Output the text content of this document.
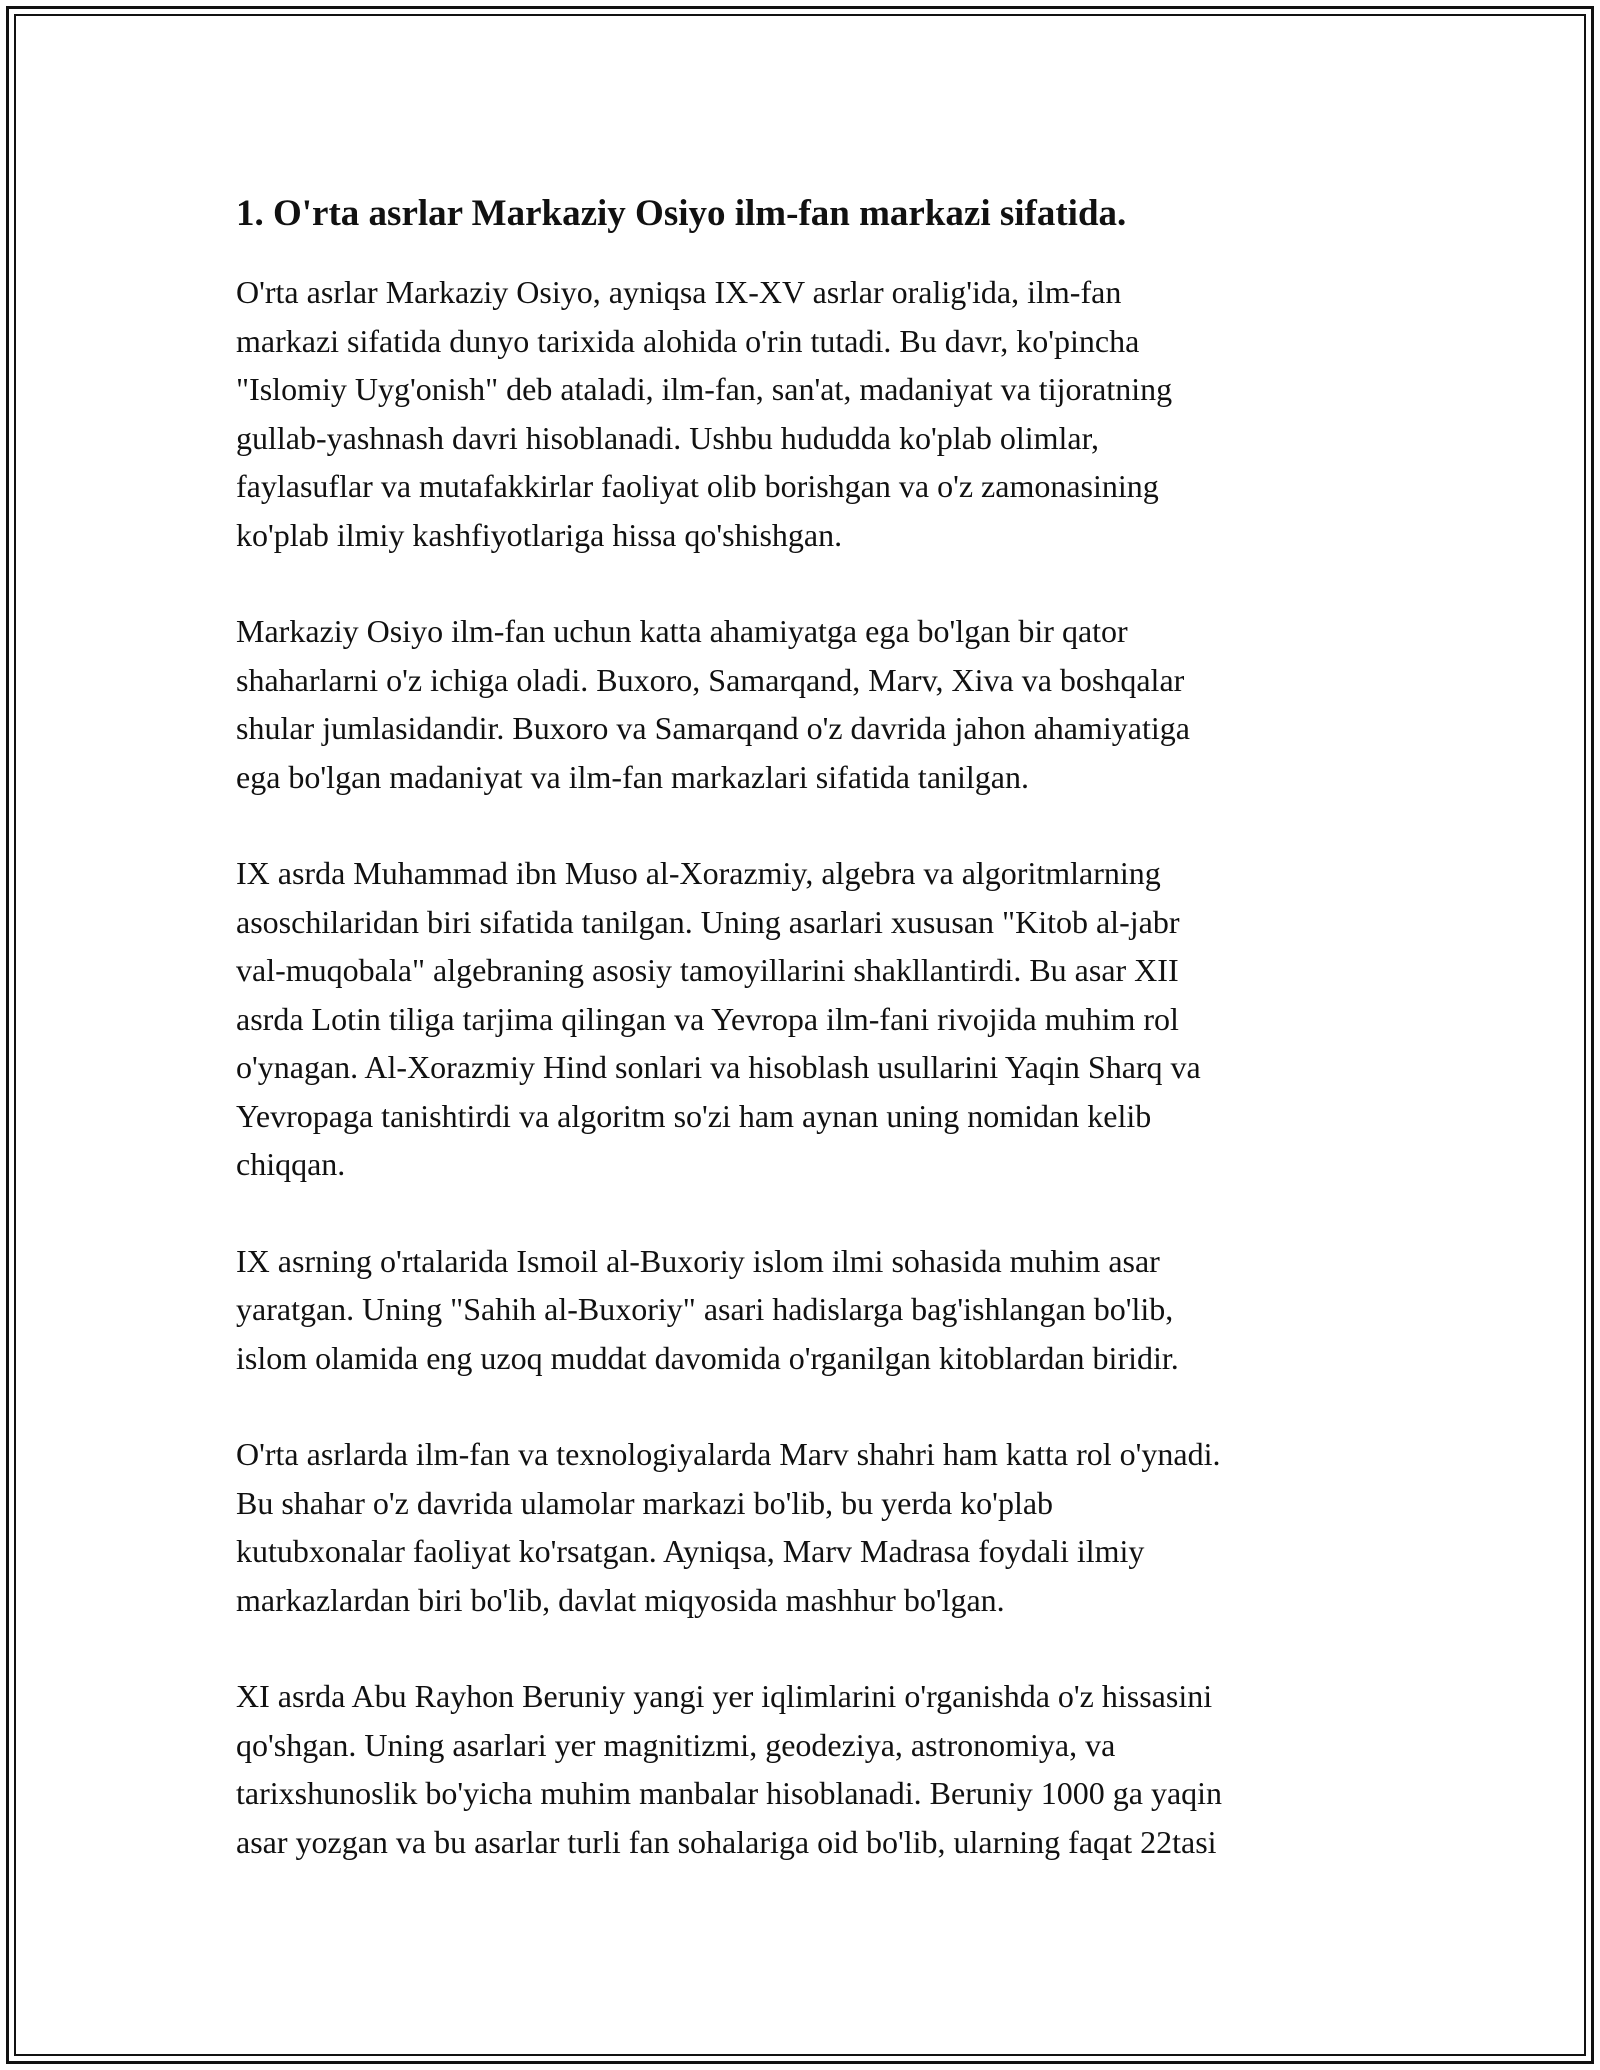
1. O'rta asrlar Markaziy Osiyo ilm-fan markazi sifatida.

O'rta asrlar Markaziy Osiyo, ayniqsa IX-XV asrlar oralig'ida, ilm-fan
markazi sifatida dunyo tarixida alohida o'rin tutadi. Bu davr, ko'pincha
"Islomiy Uyg'onish" deb ataladi, ilm-fan, san'at, madaniyat va tijoratning
gullab-yashnash davri hisoblanadi. Ushbu hududda ko'plab olimlar,
faylasuflar va mutafakkirlar faoliyat olib borishgan va o'z zamonasining
ko'plab ilmiy kashfiyotlariga hissa qo'shishgan.

Markaziy Osiyo ilm-fan uchun katta ahamiyatga ega bo'lgan bir qator
shaharlarni o'z ichiga oladi. Buxoro, Samarqand, Marv, Xiva va boshqalar
shular jumlasidandir. Buxoro va Samarqand o'z davrida jahon ahamiyatiga
ega bo'lgan madaniyat va ilm-fan markazlari sifatida tanilgan.

IX asrda Muhammad ibn Muso al-Xorazmiy, algebra va algoritmlarning
asoschilaridan biri sifatida tanilgan. Uning asarlari xususan "Kitob al-jabr
val-muqobala" algebraning asosiy tamoyillarini shakllantirdi. Bu asar XII
asrda Lotin tiliga tarjima qilingan va Yevropa ilm-fani rivojida muhim rol
o'ynagan. Al-Xorazmiy Hind sonlari va hisoblash usullarini Yaqin Sharq va
Yevropaga tanishtirdi va algoritm so'zi ham aynan uning nomidan kelib
chiqqan.

IX asrning o'rtalarida Ismoil al-Buxoriy islom ilmi sohasida muhim asar
yaratgan. Uning "Sahih al-Buxoriy" asari hadislarga bag'ishlangan bo'lib,
islom olamida eng uzoq muddat davomida o'rganilgan kitoblardan biridir.

O'rta asrlarda ilm-fan va texnologiyalarda Marv shahri ham katta rol o'ynadi.
Bu shahar o'z davrida ulamolar markazi bo'lib, bu yerda ko'plab
kutubxonalar faoliyat ko'rsatgan. Ayniqsa, Marv Madrasa foydali ilmiy
markazlardan biri bo'lib, davlat miqyosida mashhur bo'lgan.

XI asrda Abu Rayhon Beruniy yangi yer iqlimlarini o'rganishda o'z hissasini
qo'shgan. Uning asarlari yer magnitizmi, geodeziya, astronomiya, va
tarixshunoslik bo'yicha muhim manbalar hisoblanadi. Beruniy 1000 ga yaqin
asar yozgan va bu asarlar turli fan sohalariga oid bo'lib, ularning faqat 22tasi
